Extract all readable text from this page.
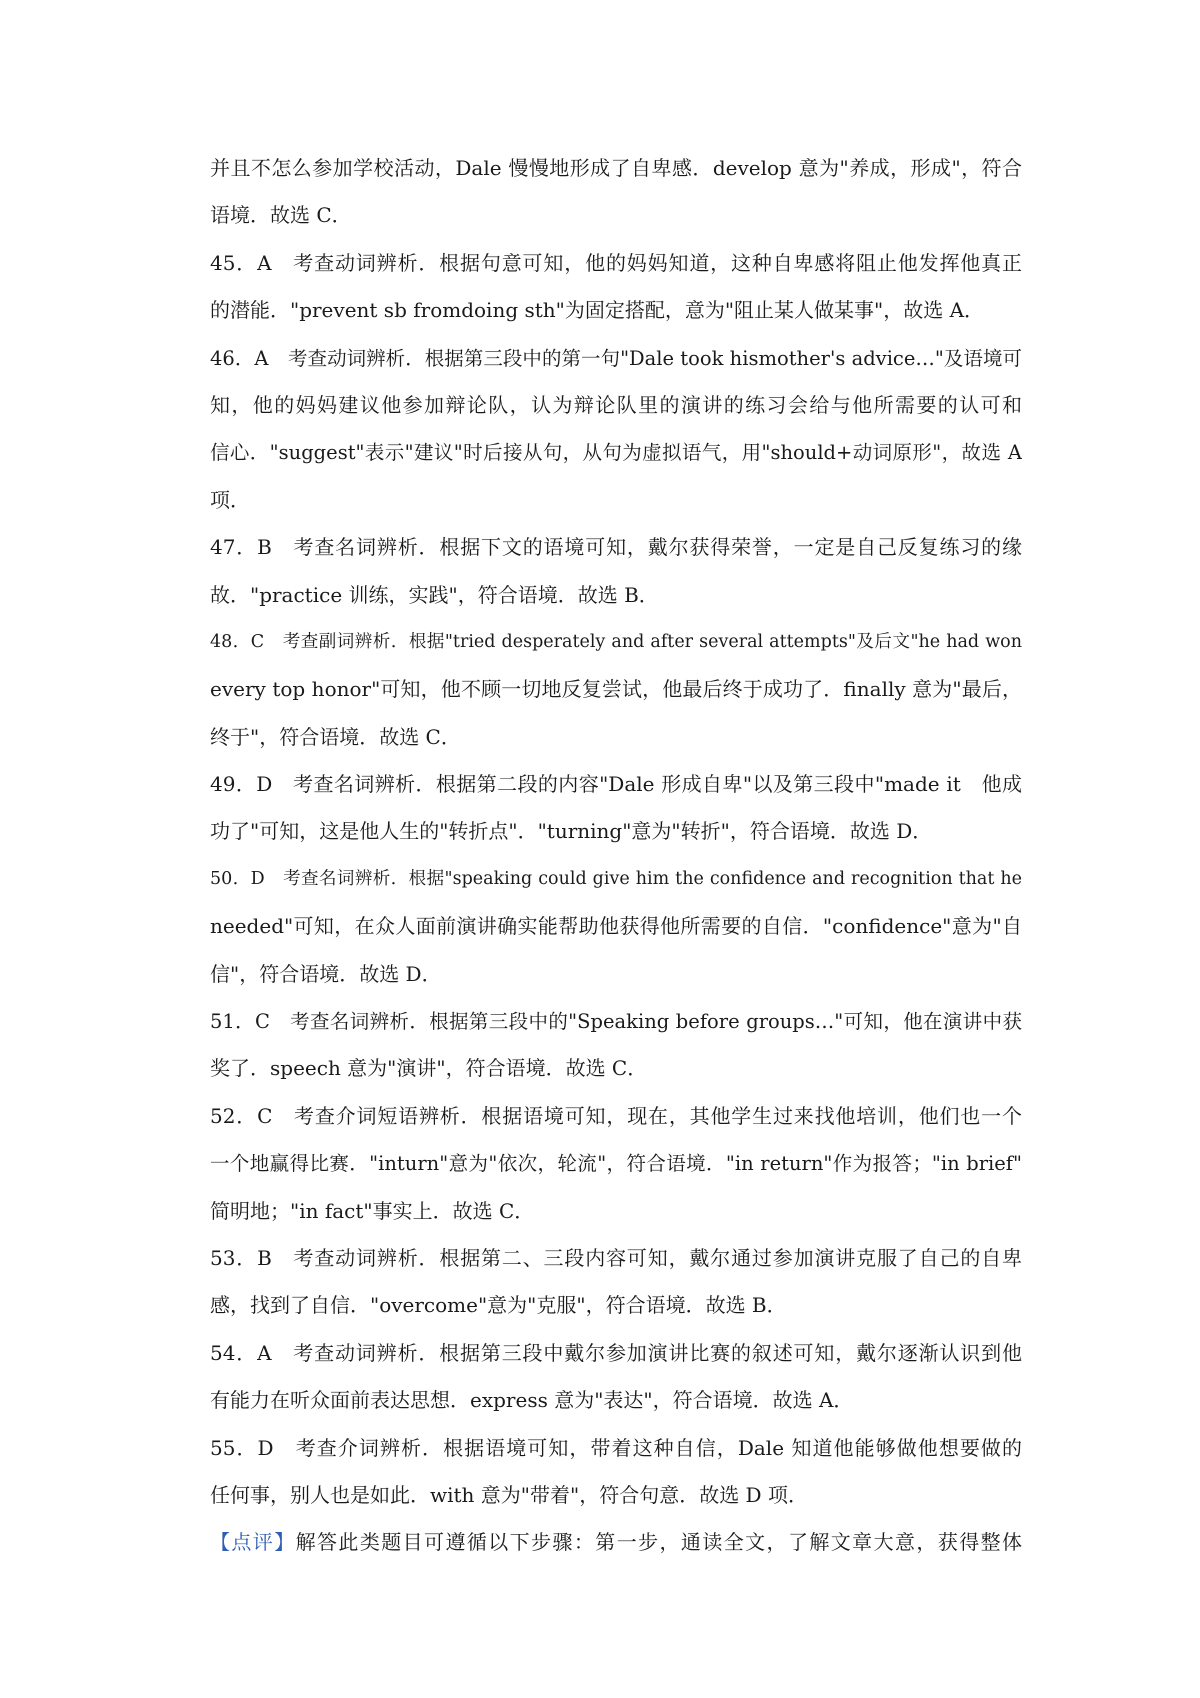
并且不怎么参加学校活动，Dale 慢慢地形成了自卑感．develop 意为"养成，形成"，符合
语境．故选 C．
45．A　考查动词辨析．根据句意可知，他的妈妈知道，这种自卑感将阻止他发挥他真正
的潜能．"prevent sb fromdoing sth"为固定搭配，意为"阻止某人做某事"，故选 A．
46．A　考查动词辨析．根据第三段中的第一句"Dale took hismother's advice…"及语境可
知，他的妈妈建议他参加辩论队，认为辩论队里的演讲的练习会给与他所需要的认可和
信心．"suggest"表示"建议"时后接从句，从句为虚拟语气，用"should+动词原形"，故选 A
项．
47．B　考查名词辨析．根据下文的语境可知，戴尔获得荣誉，一定是自己反复练习的缘
故．"practice 训练，实践"，符合语境．故选 B．
48．C　考查副词辨析．根据"tried desperately and after several attempts"及后文"he had won
every top honor"可知，他不顾一切地反复尝试，他最后终于成功了．finally 意为"最后，
终于"，符合语境．故选 C．
49．D　考查名词辨析．根据第二段的内容"Dale 形成自卑"以及第三段中"made it　他成
功了"可知，这是他人生的"转折点"．"turning"意为"转折"，符合语境．故选 D．
50．D　考查名词辨析．根据"speaking could give him the confidence and recognition that he
needed"可知，在众人面前演讲确实能帮助他获得他所需要的自信．"confidence"意为"自
信"，符合语境．故选 D．
51．C　考查名词辨析．根据第三段中的"Speaking before groups…"可知，他在演讲中获
奖了．speech 意为"演讲"，符合语境．故选 C．
52．C　考查介词短语辨析．根据语境可知，现在，其他学生过来找他培训，他们也一个
一个地赢得比赛．"inturn"意为"依次，轮流"，符合语境．"in return"作为报答；"in brief"
简明地；"in fact"事实上．故选 C．
53．B　考查动词辨析．根据第二、三段内容可知，戴尔通过参加演讲克服了自己的自卑
感，找到了自信．"overcome"意为"克服"，符合语境．故选 B．
54．A　考查动词辨析．根据第三段中戴尔参加演讲比赛的叙述可知，戴尔逐渐认识到他
有能力在听众面前表达思想．express 意为"表达"，符合语境．故选 A．
55．D　考查介词辨析．根据语境可知，带着这种自信，Dale 知道他能够做他想要做的
任何事，别人也是如此．with 意为"带着"，符合句意．故选 D 项．
【点评】解答此类题目可遵循以下步骤：第一步，通读全文，了解文章大意，获得整体
